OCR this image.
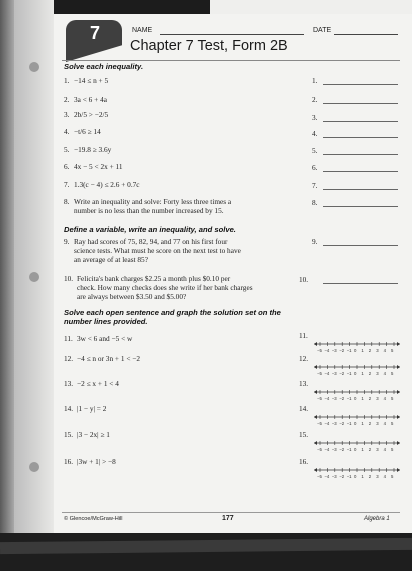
7	NAME	DATE
Chapter 7 Test, Form 2B
Solve each inequality.
1. −14 ≤ n + 5	1.
2. 3a < 6 + 4a	2.
3. 2b/5 > −2/5	3.
4. −t/6 ≥ 14	4.
5. −19.8 ≥ 3.6y	5.
6. 4x − 5 < 2x + 11	6.
7. 1.3(c − 4) ≤ 2.6 + 0.7c	7.
8. Write an inequality and solve: Forty less three times a
number is no less than the number increased by 15.
8.
9. Ray had scores of 75, 82, 94, and 77 on his first four
science tests. What must he score on the next test to have
an average of at least 85?
9.
10. Felicita's bank charges $2.25 a month plus $0.10 per
check. How many checks does she write if her bank charges
are always between $3.50 and $5.00?
10.
11. 3w < 6 and −5 < w	11.
−5 −4 −3 −2 −1 0 1 2 3 4 5
12. −4 ≤ n or 3n + 1 < −2	12.
−5 −4 −3 −2 −1 0 1 2 3 4 5
13. −2 ≤ x + 1 < 4	13.
−5 −4 −3 −2 −1 0 1 2 3 4 5
14. |1 − y| = 2	14.
−5 −4 −3 −2 −1 0 1 2 3 4 5
15. |3 − 2x| ≥ 1	15.
−5 −4 −3 −2 −1 0 1 2 3 4 5
16. |3w + 1| > −8	16.
−5 −4 −3 −2 −1 0 1 2 3 4 5
Define a variable, write an inequality, and solve.
Solve each open sentence and graph the solution set on the number lines provided.
© Glencoe/McGraw-Hill	177	Algebra 1
